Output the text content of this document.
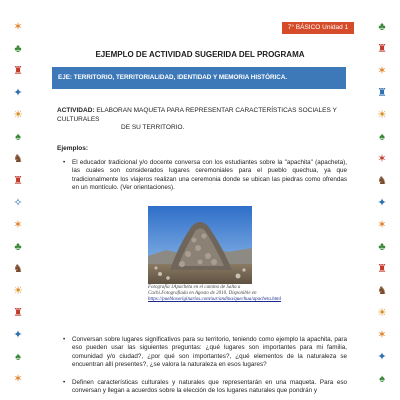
✶
♣
♜
✦
☀
♠
♞
♜
✧
✶
♣
♞
☀
♜
✦
♠
✶
♣
♜
✶
♜
☀
♠
✶
♞
✦
✶
♣
♜
♞
☀
✶
✦
♠
7° BÁSICO Unidad 1
EJEMPLO DE ACTIVIDAD SUGERIDA DEL PROGRAMA
EJE: TERRITORIO, TERRITORIALIDAD, IDENTIDAD Y MEMORIA HISTÓRICA.
ACTIVIDAD: ELABORAN MAQUETA PARA REPRESENTAR CARACTERÍSTICAS SOCIALES Y CULTURALES
DE SU TERRITORIO.
Ejemplos:
• El educador tradicional y/o docente conversa con los estudiantes sobre la "apachita" (apacheta), las cuales son considerados lugares ceremoniales para el pueblo quechua, ya que tradicionalmente los viajeros realizan una ceremonia donde se ubican las piedras como ofrendas en un montículo. (Ver orientaciones).
Fotografía 1Apacheta en el camino de Salta a Cachi.Fotografiada en Agosto de 2010. Disponible en https://pueblosoriginarios.com/sur/andina/quechua/apacheta.html
• Conversan sobre lugares significativos para su territorio, teniendo como ejemplo la apachita, para eso pueden usar las siguientes preguntas: ¿qué lugares son importantes para mi familia, comunidad y/o ciudad?, ¿por qué son importantes?, ¿qué elementos de la naturaleza se encuentran allí presentes?, ¿se valora la naturaleza en esos lugares?
• Definen características culturales y naturales que representarán en una maqueta. Para eso conversan y llegan a acuerdos sobre la elección de los lugares naturales que pondrán y
